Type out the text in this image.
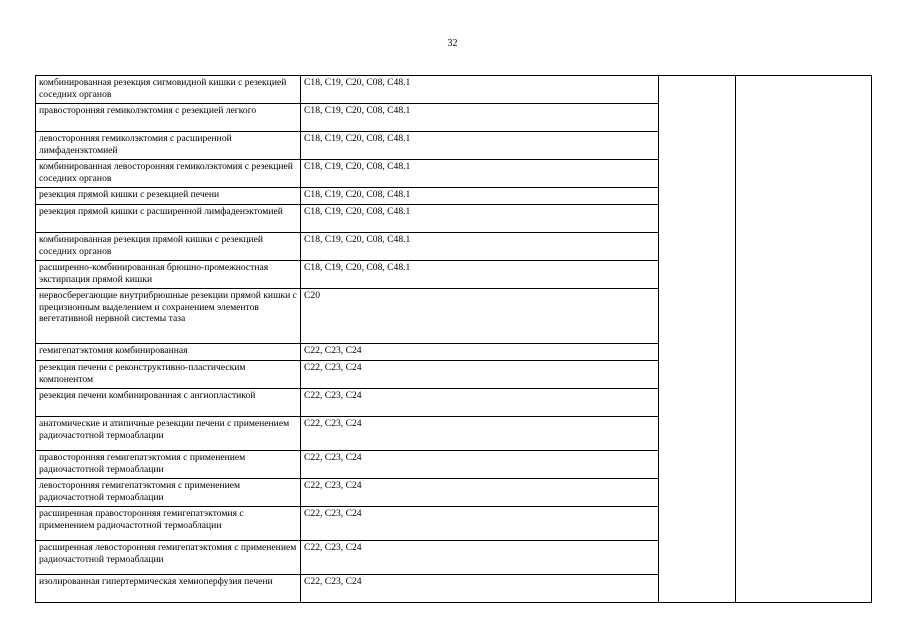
32
комбинированная резекция сигмовидной кишки с резекцией соседних органов	C18, C19, C20, C08, C48.1		
правосторонняя гемиколэктомия с резекцией легкого	C18, C19, C20, C08, C48.1		
левосторонняя гемиколэктомия с расширенной лимфаденэктомией	C18, C19, C20, C08, C48.1		
комбинированная левосторонняя гемиколэктомия с резекцией соседних органов	C18, C19, C20, C08, C48.1		
резекция прямой кишки с резекцией печени	C18, C19, C20, C08, C48.1		
резекция прямой кишки с расширенной лимфаденэктомией	C18, C19, C20, C08, C48.1		
комбинированная резекция прямой кишки с резекцией соседних органов	C18, C19, C20, C08, C48.1		
расширенно-комбинированная брюшно-промежностная экстирпация прямой кишки	C18, C19, C20, C08, C48.1		
нервосберегающие внутрибрюшные резекции прямой кишки с прецизионным выделением и сохранением элементов вегетативной нервной системы таза	C20		
гемигепатэктомия комбинированная	C22, C23, C24		
резекция печени с реконструктивно-пластическим компонентом	C22, C23, C24		
резекция печени комбинированная с ангиопластикой	C22, C23, C24		
анатомические и атипичные резекции печени с применением радиочастотной термоаблации	C22, C23, C24		
правосторонняя гемигепатэктомия с применением радиочастотной термоаблации	C22, C23, C24		
левосторонняя гемигепатэктомия с применением радиочастотной термоаблации	C22, C23, C24		
расширенная правосторонняя гемигепатэктомия с применением радиочастотной термоаблации	C22, C23, C24		
расширенная левосторонняя гемигепатэктомия с применением радиочастотной термоаблации	C22, C23, C24		
изолированная гипертермическая хемиоперфузия печени	C22, C23, C24		
